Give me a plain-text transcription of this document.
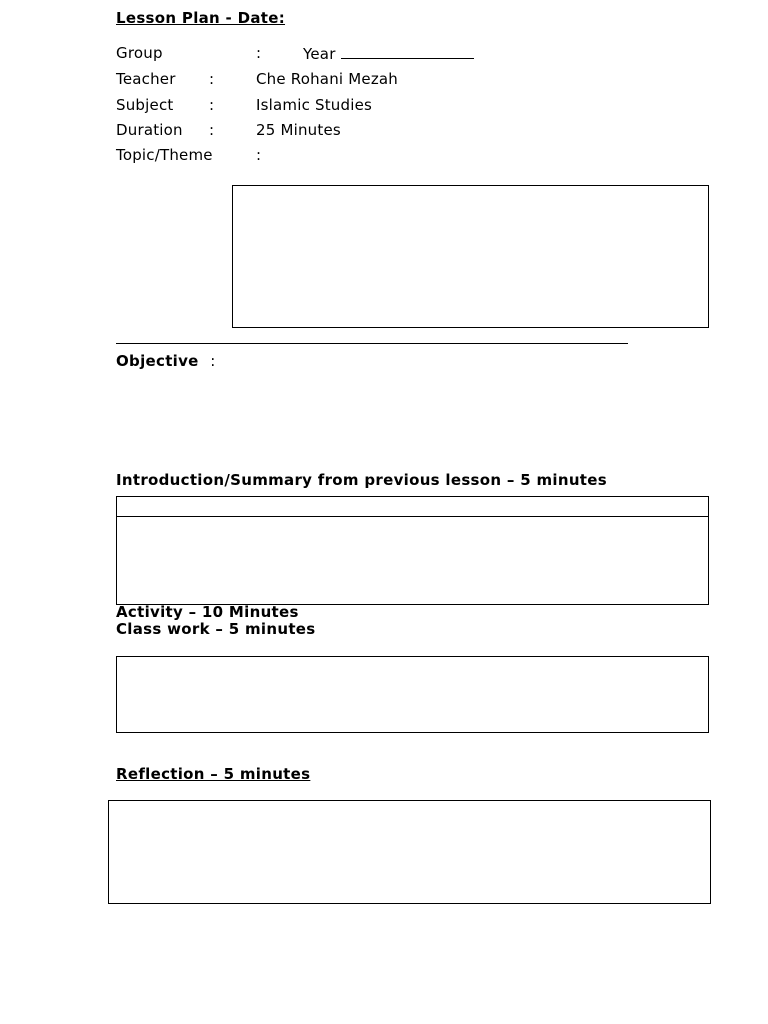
Lesson Plan - Date:
Group	:	Year
Teacher :	Che Rohani Mezah
Subject :	Islamic Studies
Duration :	25 Minutes
Topic/Theme	:
Objective :
Introduction/Summary from previous lesson – 5 minutes
Activity – 10 Minutes
Class work – 5 minutes
Reflection – 5 minutes
